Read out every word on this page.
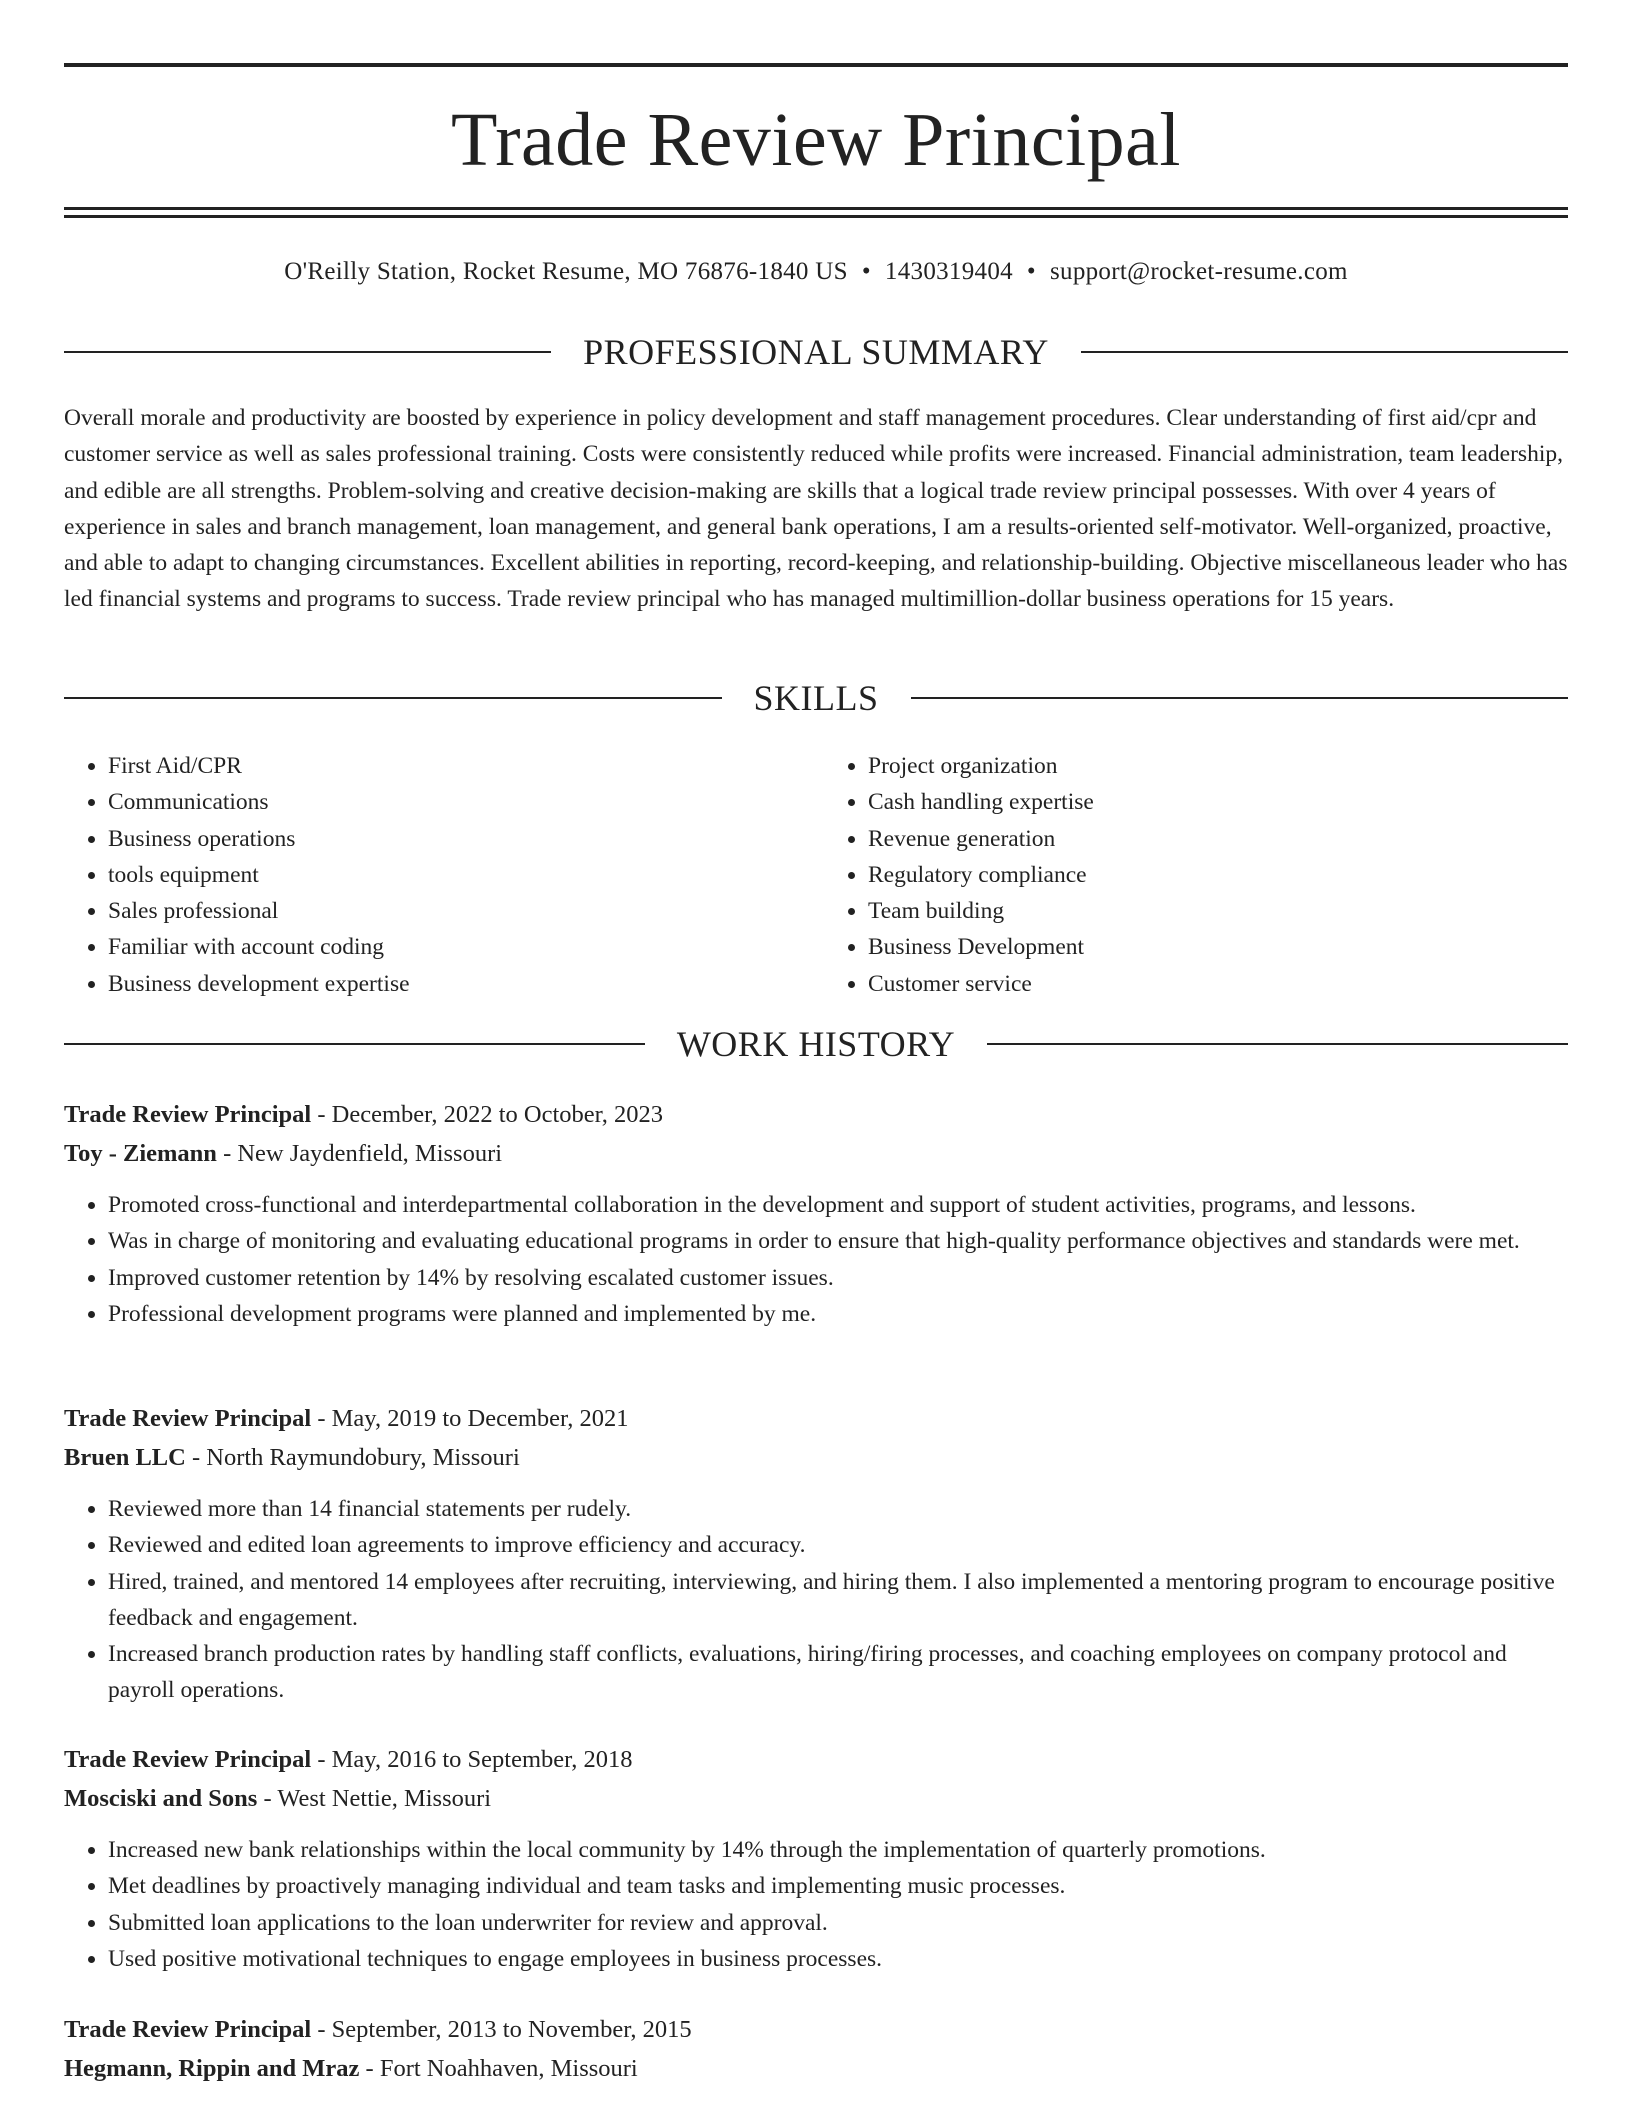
Trade Review Principal
O'Reilly Station, Rocket Resume, MO 76876-1840 US • 1430319404 • support@rocket-resume.com
PROFESSIONAL SUMMARY

Overall morale and productivity are boosted by experience in policy development and staff management procedures. Clear understanding of first aid/cpr and customer service as well as sales professional training. Costs were consistently reduced while profits were increased. Financial administration, team leadership, and edible are all strengths. Problem-solving and creative decision-making are skills that a logical trade review principal possesses. With over 4 years of experience in sales and branch management, loan management, and general bank operations, I am a results-oriented self-motivator. Well-organized, proactive, and able to adapt to changing circumstances. Excellent abilities in reporting, record-keeping, and relationship-building. Objective miscellaneous leader who has led financial systems and programs to success. Trade review principal who has managed multimillion-dollar business operations for 15 years.

SKILLS
• First Aid/CPR
• Communications
• Business operations
• tools equipment
• Sales professional
• Familiar with account coding
• Business development expertise
• Project organization
• Cash handling expertise
• Revenue generation
• Regulatory compliance
• Team building
• Business Development
• Customer service
WORK HISTORY
Trade Review Principal - December, 2022 to October, 2023
Toy - Ziemann - New Jaydenfield, Missouri
• Promoted cross-functional and interdepartmental collaboration in the development and support of student activities, programs, and lessons.
• Was in charge of monitoring and evaluating educational programs in order to ensure that high-quality performance objectives and standards were met.
• Improved customer retention by 14% by resolving escalated customer issues.
• Professional development programs were planned and implemented by me.
Trade Review Principal - May, 2019 to December, 2021
Bruen LLC - North Raymundobury, Missouri
• Reviewed more than 14 financial statements per rudely.
• Reviewed and edited loan agreements to improve efficiency and accuracy.
• Hired, trained, and mentored 14 employees after recruiting, interviewing, and hiring them. I also implemented a mentoring program to encourage positive feedback and engagement.
• Increased branch production rates by handling staff conflicts, evaluations, hiring/firing processes, and coaching employees on company protocol and payroll operations.
Trade Review Principal - May, 2016 to September, 2018
Mosciski and Sons - West Nettie, Missouri
• Increased new bank relationships within the local community by 14% through the implementation of quarterly promotions.
• Met deadlines by proactively managing individual and team tasks and implementing music processes.
• Submitted loan applications to the loan underwriter for review and approval.
• Used positive motivational techniques to engage employees in business processes.
Trade Review Principal - September, 2013 to November, 2015
Hegmann, Rippin and Mraz - Fort Noahhaven, Missouri
